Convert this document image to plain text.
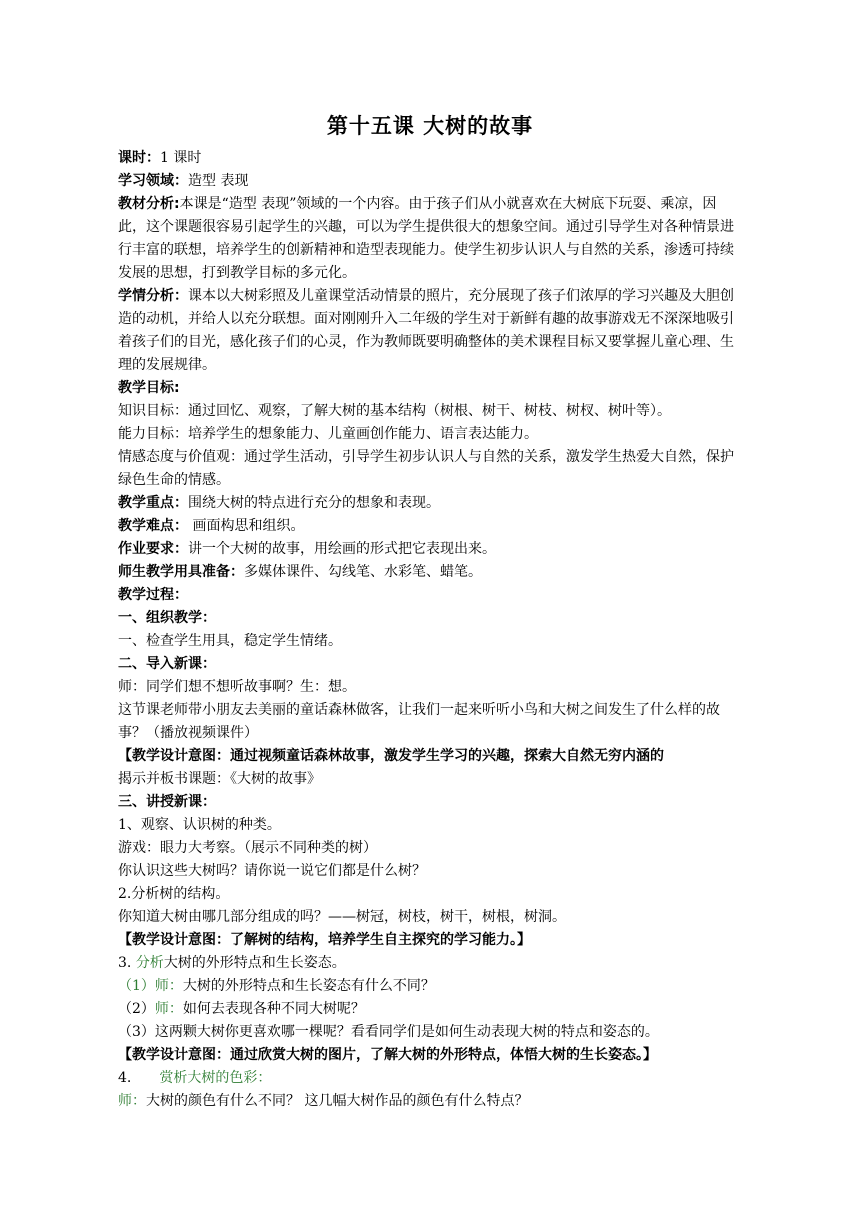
第十五课 大树的故事
课时：1 课时
学习领域：造型 表现
教材分析:本课是“造型 表现”领域的一个内容。由于孩子们从小就喜欢在大树底下玩耍、乘凉，因此，这个课题很容易引起学生的兴趣，可以为学生提供很大的想象空间。通过引导学生对各种情景进行丰富的联想，培养学生的创新精神和造型表现能力。使学生初步认识人与自然的关系，渗透可持续发展的思想，打到教学目标的多元化。
学情分析：课本以大树彩照及儿童课堂活动情景的照片，充分展现了孩子们浓厚的学习兴趣及大胆创造的动机，并给人以充分联想。面对刚刚升入二年级的学生对于新鲜有趣的故事游戏无不深深地吸引着孩子们的目光，感化孩子们的心灵，作为教师既要明确整体的美术课程目标又要掌握儿童心理、生理的发展规律。
教学目标:
知识目标：通过回忆、观察，了解大树的基本结构（树根、树干、树枝、树杈、树叶等）。
能力目标：培养学生的想象能力、儿童画创作能力、语言表达能力。
情感态度与价值观：通过学生活动，引导学生初步认识人与自然的关系，激发学生热爱大自然，保护绿色生命的情感。
教学重点：围绕大树的特点进行充分的想象和表现。
教学难点： 画面构思和组织。
作业要求：讲一个大树的故事，用绘画的形式把它表现出来。
师生教学用具准备：多媒体课件、勾线笔、水彩笔、蜡笔。
教学过程：
一、组织教学：
一、检查学生用具，稳定学生情绪。
二、导入新课：
师：同学们想不想听故事啊？生：想。
这节课老师带小朋友去美丽的童话森林做客，让我们一起来听听小鸟和大树之间发生了什么样的故事？（播放视频课件）
【教学设计意图：通过视频童话森林故事，激发学生学习的兴趣，探索大自然无穷内涵的
揭示并板书课题：《大树的故事》
三、讲授新课：
1、观察、认识树的种类。
游戏：眼力大考察。（展示不同种类的树）
你认识这些大树吗？请你说一说它们都是什么树？
2.分析树的结构。
你知道大树由哪几部分组成的吗？——树冠，树枝，树干，树根，树洞。
【教学设计意图：了解树的结构，培养学生自主探究的学习能力。】
3. 分析大树的外形特点和生长姿态。
（1）师：大树的外形特点和生长姿态有什么不同？
（2）师：如何去表现各种不同大树呢？
（3）这两颗大树你更喜欢哪一棵呢？看看同学们是如何生动表现大树的特点和姿态的。
【教学设计意图：通过欣赏大树的图片，了解大树的外形特点，体悟大树的生长姿态。】
4. 赏析大树的色彩：
师：大树的颜色有什么不同？ 这几幅大树作品的颜色有什么特点？
